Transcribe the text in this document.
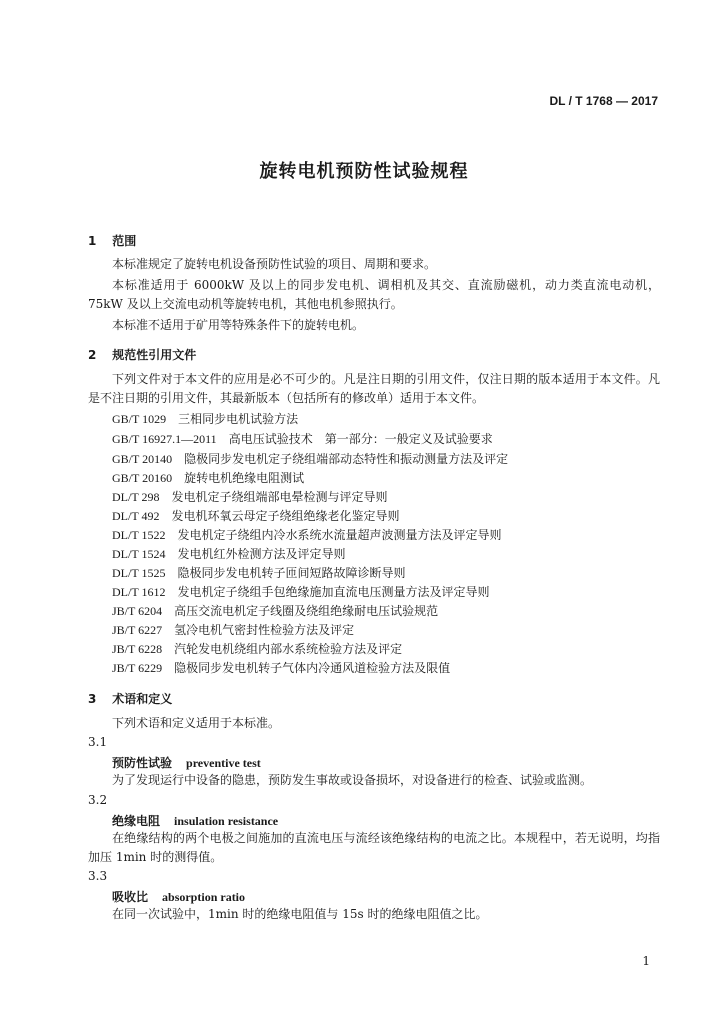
DL / T 1768 — 2017
旋转电机预防性试验规程
1 范围
本标准规定了旋转电机设备预防性试验的项目、周期和要求。
本标准适用于 6000kW 及以上的同步发电机、调相机及其交、直流励磁机，动力类直流电动机，75kW 及以上交流电动机等旋转电机，其他电机参照执行。
本标准不适用于矿用等特殊条件下的旋转电机。
2 规范性引用文件
下列文件对于本文件的应用是必不可少的。凡是注日期的引用文件，仅注日期的版本适用于本文件。凡是不注日期的引用文件，其最新版本（包括所有的修改单）适用于本文件。
GB/T 1029　 三相同步电机试验方法
GB/T 16927.1—2011　 高电压试验技术　第一部分：一般定义及试验要求
GB/T 20140　 隐极同步发电机定子绕组端部动态特性和振动测量方法及评定
GB/T 20160　 旋转电机绝缘电阻测试
DL/T 298　 发电机定子绕组端部电晕检测与评定导则
DL/T 492　 发电机环氧云母定子绕组绝缘老化鉴定导则
DL/T 1522　 发电机定子绕组内冷水系统水流量超声波测量方法及评定导则
DL/T 1524　 发电机红外检测方法及评定导则
DL/T 1525　 隐极同步发电机转子匝间短路故障诊断导则
DL/T 1612　 发电机定子绕组手包绝缘施加直流电压测量方法及评定导则
JB/T 6204　 高压交流电机定子线圈及绕组绝缘耐电压试验规范
JB/T 6227　 氢冷电机气密封性检验方法及评定
JB/T 6228　 汽轮发电机绕组内部水系统检验方法及评定
JB/T 6229　 隐极同步发电机转子气体内冷通风道检验方法及限值
3 术语和定义
下列术语和定义适用于本标准。
3.1
预防性试验 preventive test
为了发现运行中设备的隐患，预防发生事故或设备损坏，对设备进行的检查、试验或监测。
3.2
绝缘电阻 insulation resistance
在绝缘结构的两个电极之间施加的直流电压与流经该绝缘结构的电流之比。本规程中，若无说明，均指加压 1min 时的测得值。
3.3
吸收比 absorption ratio
在同一次试验中，1min 时的绝缘电阻值与 15s 时的绝缘电阻值之比。
1
